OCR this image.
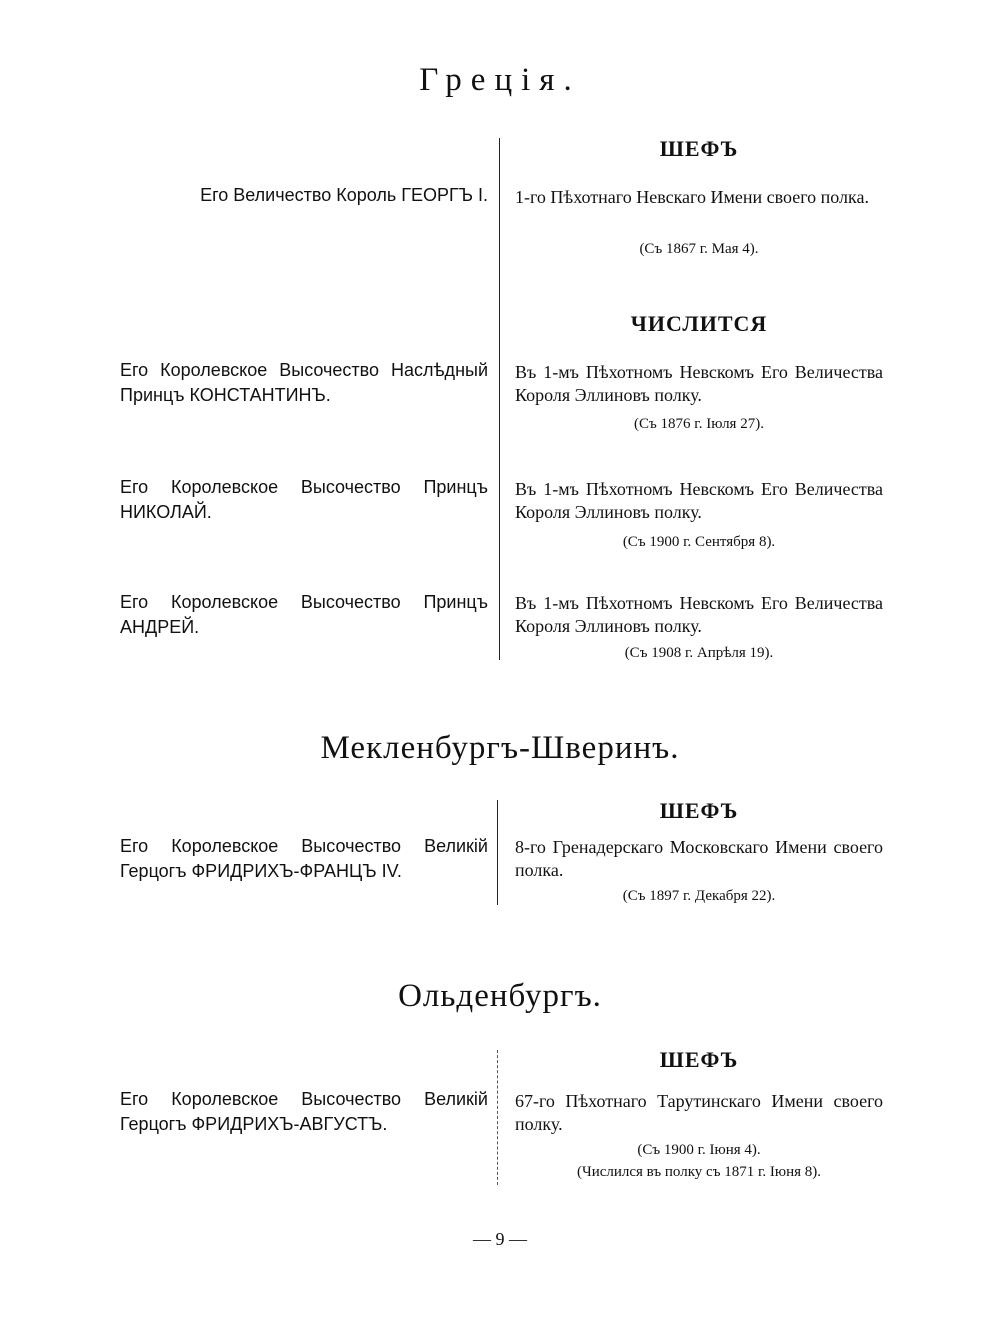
Греція.
ШЕФЪ
Его Величество Король ГЕОРГЪ I. 1-го Пѣхотнаго Невскаго Имени своего полка.
(Съ 1867 г. Мая 4).
ЧИСЛИТСЯ
Его Королевское Высочество Наслѣдный Принцъ КОНСТАНТИНЪ.
Въ 1-мъ Пѣхотномъ Невскомъ Его Величества Короля Эллиновъ полку.
(Съ 1876 г. Іюля 27).
Его Королевское Высочество Принцъ НИКОЛАЙ.
Въ 1-мъ Пѣхотномъ Невскомъ Его Величества Короля Эллиновъ полку.
(Съ 1900 г. Сентября 8).
Его Королевское Высочество Принцъ АНДРЕЙ.
Въ 1-мъ Пѣхотномъ Невскомъ Его Величества Короля Эллиновъ полку.
(Съ 1908 г. Апрѣля 19).
Мекленбургъ-Шверинъ.
ШЕФЪ
Его Королевское Высочество Великій Герцогъ ФРИДРИХЪ-ФРАНЦЪ IV.
8-го Гренадерскаго Московскаго Имени своего полка.
(Съ 1897 г. Декабря 22).
Ольденбургъ.
ШЕФЪ
Его Королевское Высочество Великій Герцогъ ФРИДРИХЪ-АВГУСТЪ.
67-го Пѣхотнаго Тарутинскаго Имени своего полку.
(Съ 1900 г. Іюня 4).
(Числился въ полку съ 1871 г. Іюня 8).
— 9 —
